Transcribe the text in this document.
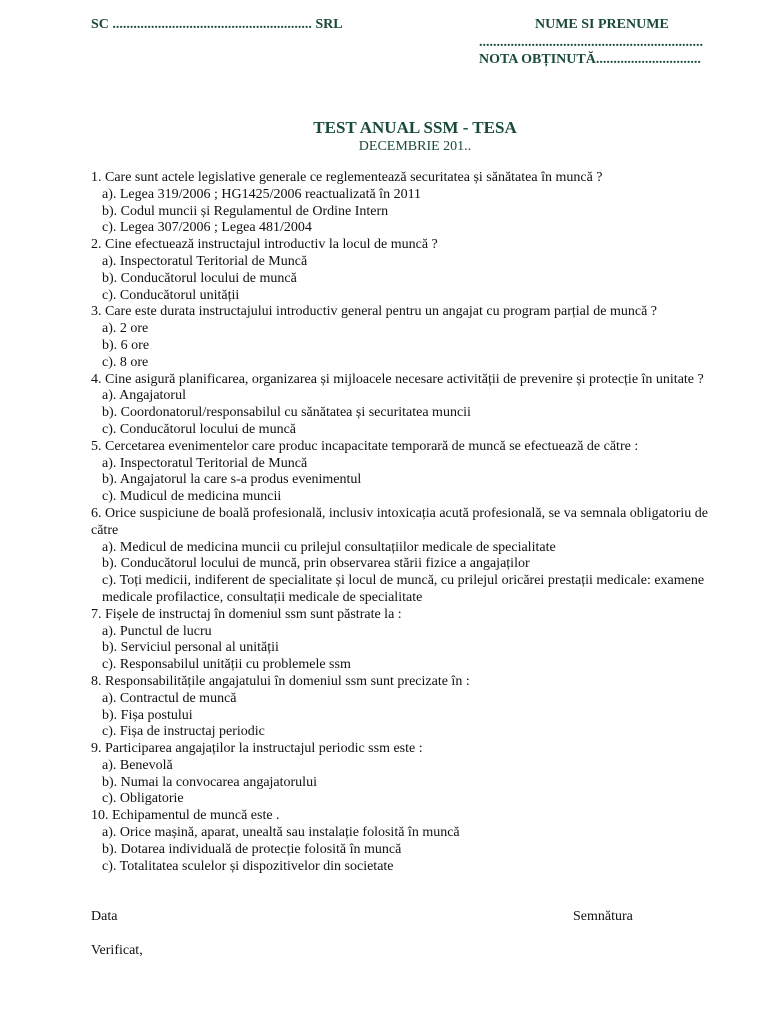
SC ......................................................... SRL	NUME SI PRENUME
................................................................
NOTA OBȚINUTĂ..............................
TEST ANUAL SSM - TESA
DECEMBRIE 201..

1. Care sunt actele legislative generale ce reglementează securitatea și sănătatea în muncă ?

a). Legea 319/2006 ; HG1425/2006 reactualizată în 2011

b). Codul muncii și Regulamentul de Ordine Intern

c). Legea 307/2006 ; Legea 481/2004

2. Cine efectuează instructajul introductiv la locul de muncă ?

a). Inspectoratul Teritorial de Muncă

b). Conducătorul locului de muncă

c). Conducătorul unității

3. Care este durata instructajului introductiv general pentru un angajat cu program parțial de muncă ?

a). 2 ore

b). 6 ore

c). 8 ore

4. Cine asigură planificarea, organizarea și mijloacele necesare activității de prevenire și protecție în unitate ?

a). Angajatorul

b). Coordonatorul/responsabilul cu sănătatea și securitatea muncii

c). Conducătorul locului de muncă

5. Cercetarea evenimentelor care produc incapacitate temporară de muncă se efectuează de către :

a). Inspectoratul Teritorial de Muncă

b). Angajatorul la care s-a produs evenimentul

c). Mudicul de medicina muncii

6. Orice suspiciune de boală profesională, inclusiv intoxicația acută profesională, se va semnala obligatoriu de către

a). Medicul de medicina muncii cu prilejul consultațiilor medicale de specialitate

b). Conducătorul locului de muncă, prin observarea stării fizice a angajaților

c). Toți medicii, indiferent de specialitate și locul de muncă, cu prilejul oricărei prestații medicale: examene medicale profilactice, consultații medicale de specialitate

7. Fișele de instructaj în domeniul ssm sunt păstrate la :

a). Punctul de lucru

b). Serviciul personal al unității

c). Responsabilul unității cu problemele ssm

8. Responsabilitățile angajatului în domeniul ssm sunt precizate în :

a). Contractul de muncă

b). Fișa postului

c). Fișa de instructaj periodic

9. Participarea angajaților la instructajul periodic ssm este :

a). Benevolă

b). Numai la convocarea angajatorului

c). Obligatorie

10. Echipamentul de muncă este .

a). Orice mașină, aparat, unealtă sau instalație folosită în muncă

b). Dotarea individuală de protecție folosită în muncă

c). Totalitatea sculelor și dispozitivelor din societate

Data	Semnătura
Verificat,
